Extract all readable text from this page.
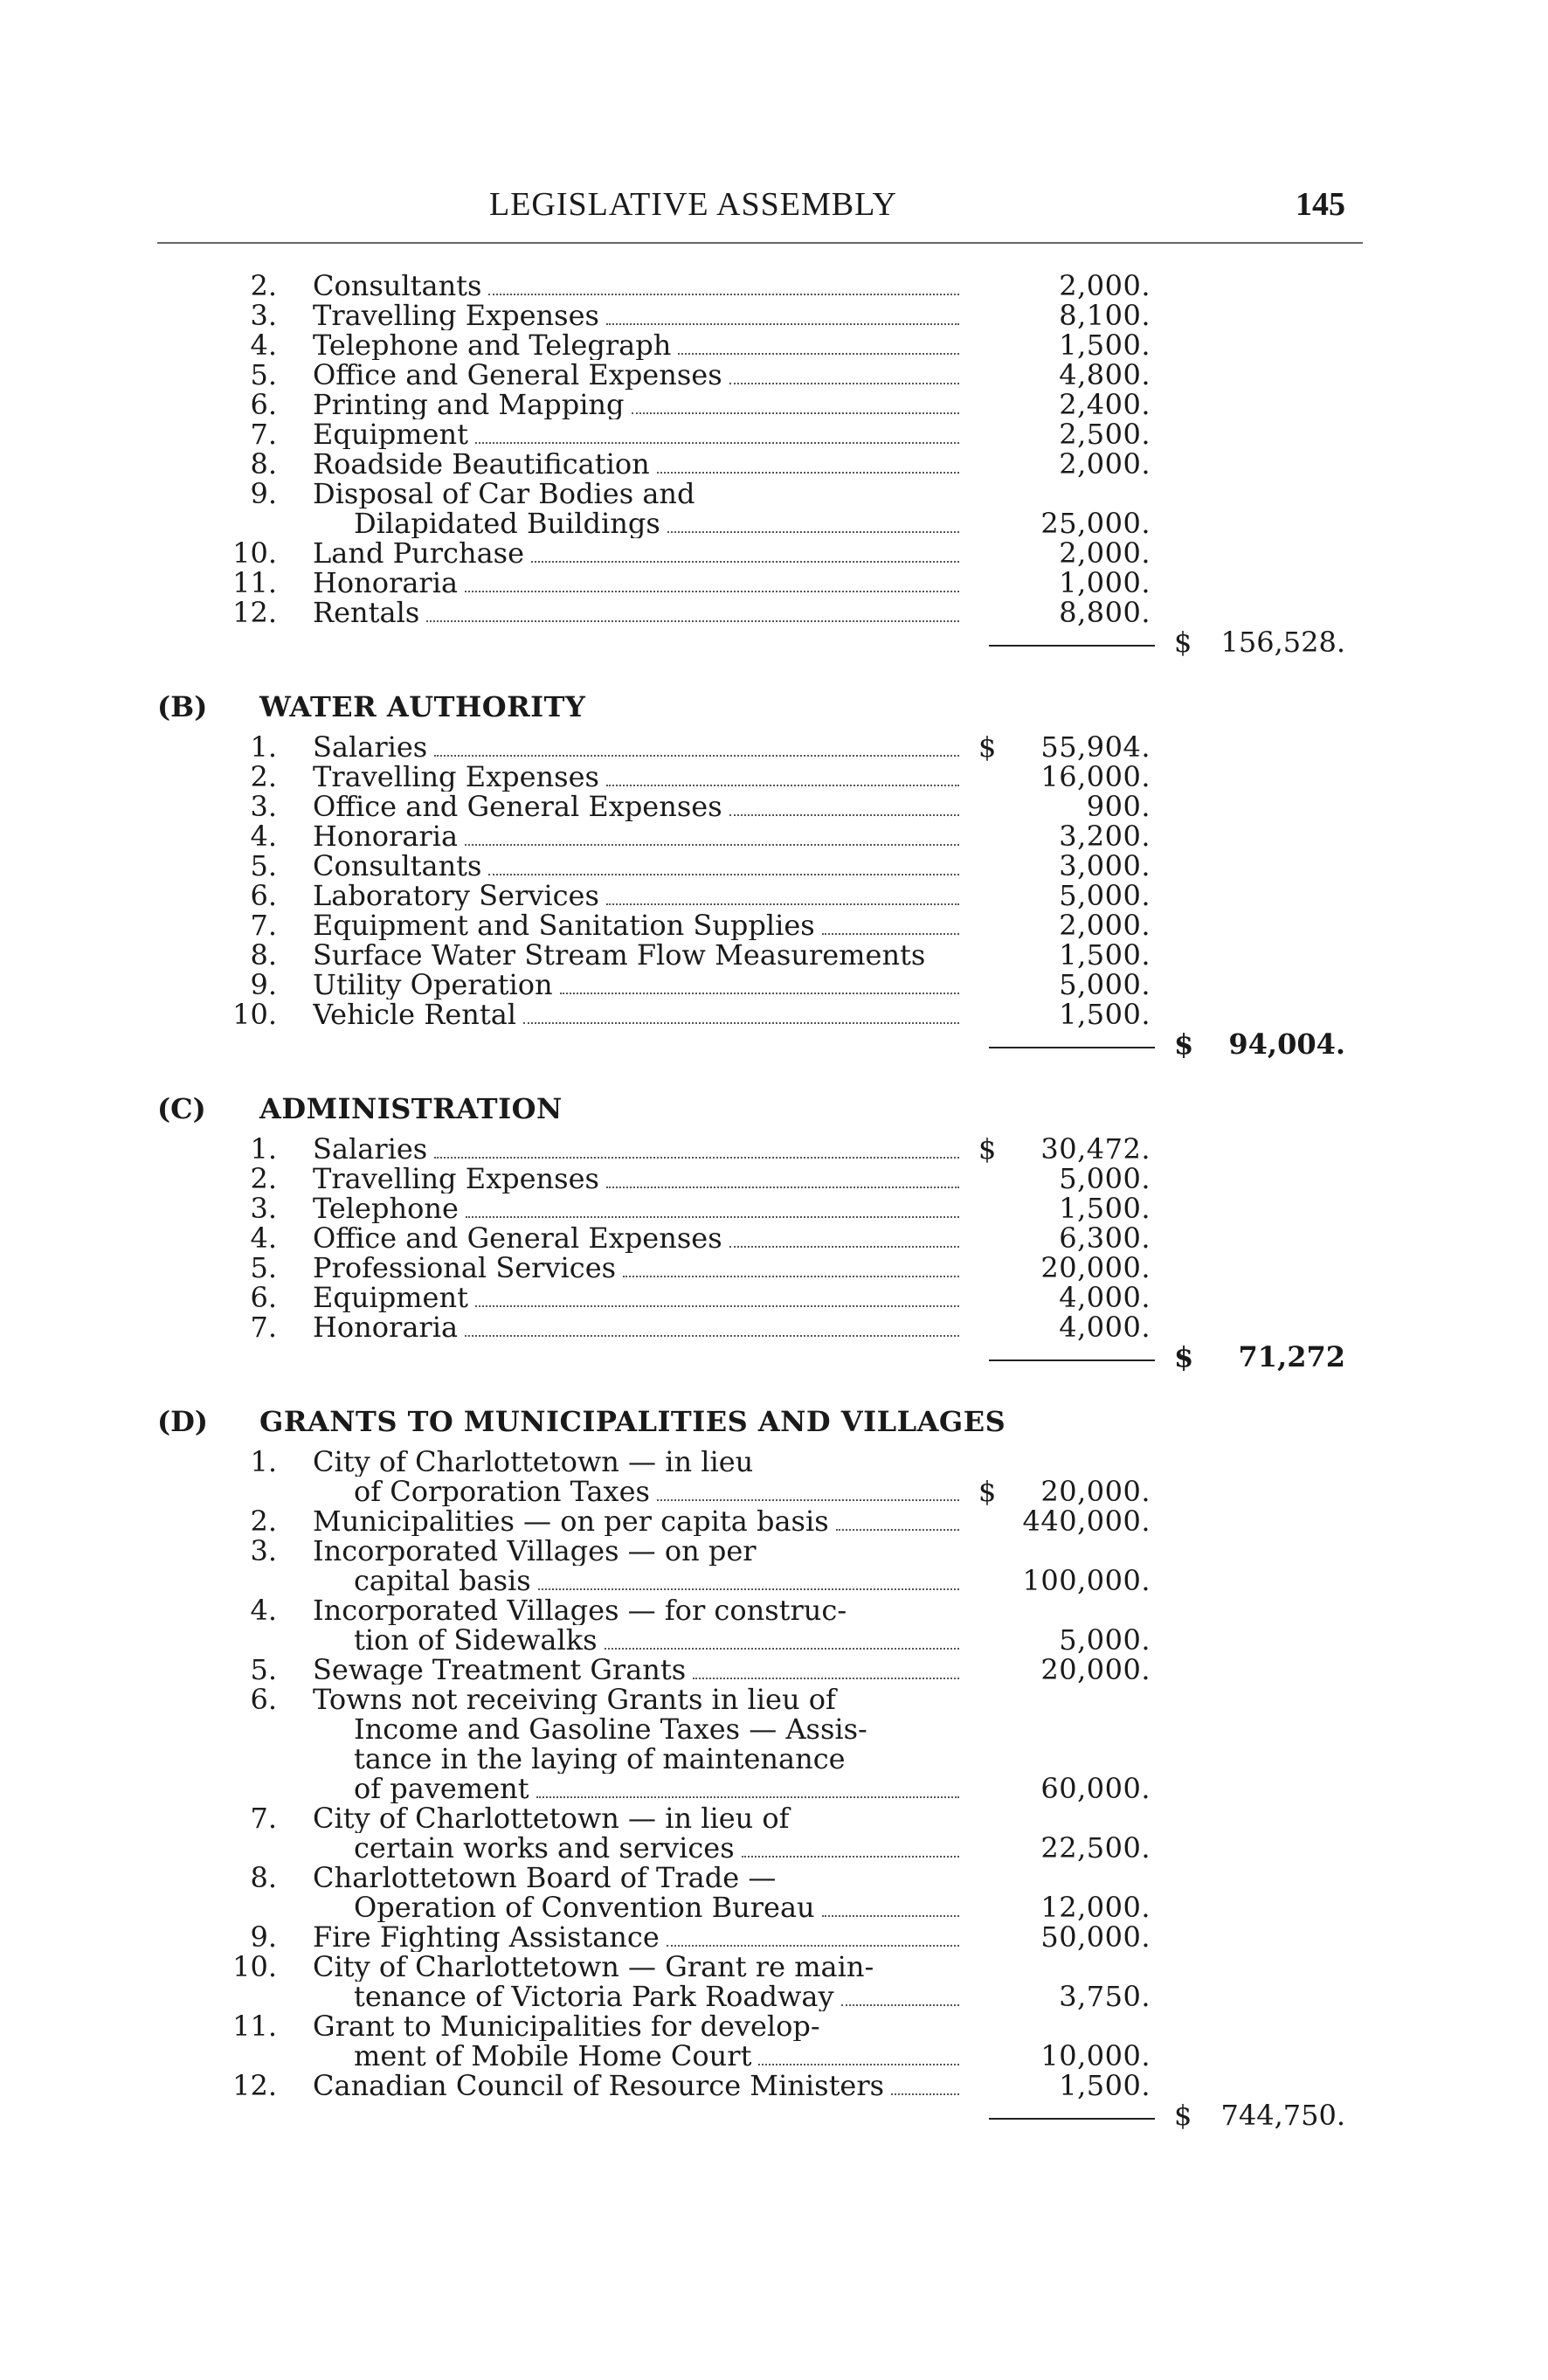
LEGISLATIVE ASSEMBLY	145
2. Consultants	2,000.
3. Travelling Expenses	8,100.
4. Telephone and Telegraph	1,500.
5. Office and General Expenses	4,800.
6. Printing and Mapping	2,400.
7. Equipment	2,500.
8. Roadside Beautification	2,000.
9. Disposal of Car Bodies and
Dilapidated Buildings	25,000.
10. Land Purchase	2,000.
11. Honoraria	1,000.
12. Rentals	8,800.
$ 156,528.
(B) WATER AUTHORITY
1. Salaries	$ 55,904.
2. Travelling Expenses	16,000.
3. Office and General Expenses	900.
4. Honoraria	3,200.
5. Consultants	3,000.
6. Laboratory Services	5,000.
7. Equipment and Sanitation Supplies	2,000.
8. Surface Water Stream Flow Measurements	1,500.
9. Utility Operation	5,000.
10. Vehicle Rental	1,500.
$ 94,004.
(C) ADMINISTRATION
1. Salaries	$ 30,472.
2. Travelling Expenses	5,000.
3. Telephone	1,500.
4. Office and General Expenses	6,300.
5. Professional Services	20,000.
6. Equipment	4,000.
7. Honoraria	4,000.
$ 71,272
(D) GRANTS TO MUNICIPALITIES AND VILLAGES
1. City of Charlottetown — in lieu
of Corporation Taxes	$ 20,000.
2. Municipalities — on per capita basis	440,000.
3. Incorporated Villages — on per
capital basis	100,000.
4. Incorporated Villages — for construc-
tion of Sidewalks	5,000.
5. Sewage Treatment Grants	20,000.
6. Towns not receiving Grants in lieu of
Income and Gasoline Taxes — Assis-
tance in the laying of maintenance
of pavement	60,000.
7. City of Charlottetown — in lieu of
certain works and services	22,500.
8. Charlottetown Board of Trade —
Operation of Convention Bureau	12,000.
9. Fire Fighting Assistance	50,000.
10. City of Charlottetown — Grant re main-
tenance of Victoria Park Roadway	3,750.
11. Grant to Municipalities for develop-
ment of Mobile Home Court	10,000.
12. Canadian Council of Resource Ministers	1,500.
$ 744,750.
